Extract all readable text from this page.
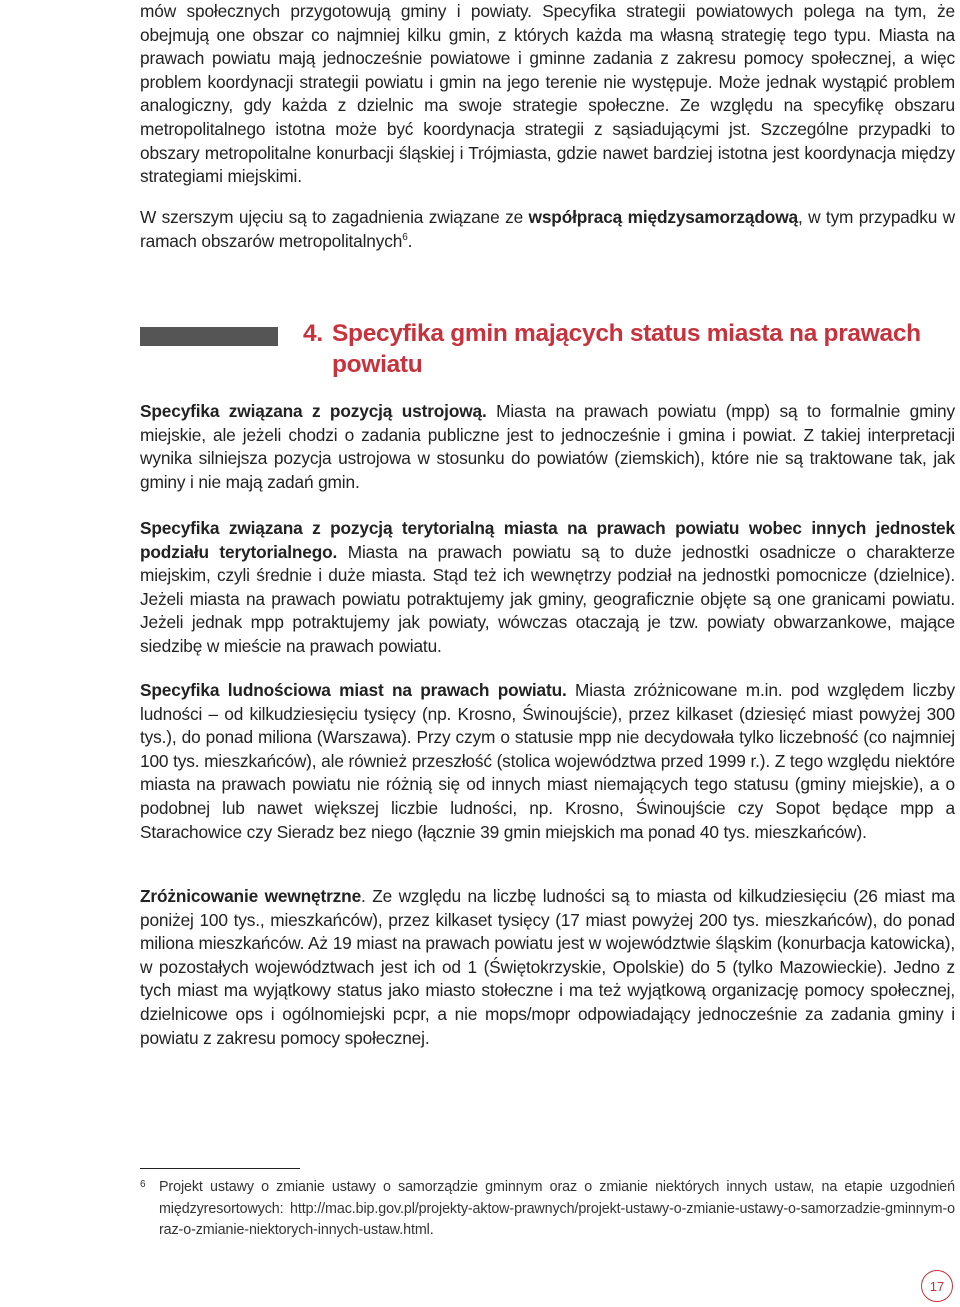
mów społecznych przygotowują gminy i powiaty. Specyfika strategii powiatowych polega na tym, że obejmują one obszar co najmniej kilku gmin, z których każda ma własną strategię tego typu. Miasta na prawach powiatu mają jednocześnie powiatowe i gminne zadania z zakresu pomocy społecznej, a więc problem koordynacji strategii powiatu i gmin na jego terenie nie występuje. Może jednak wystąpić problem analogiczny, gdy każda z dzielnic ma swoje strategie społeczne. Ze względu na specyfikę obszaru metropolitalnego istotna może być koordynacja strategii z sąsiadującymi jst. Szczególne przypadki to obszary metropolitalne konurbacji śląskiej i Trójmiasta, gdzie nawet bardziej istotna jest koordynacja między strategiami miejskimi.

W szerszym ujęciu są to zagadnienia związane ze współpracą międzysamorządową, w tym przypadku w ramach obszarów metropolitalnych$^6$.

4. Specyfika gmin mających status miasta na prawach
powiatu

Specyfika związana z pozycją ustrojową. Miasta na prawach powiatu (mpp) są to formalnie gminy miejskie, ale jeżeli chodzi o zadania publiczne jest to jednocześnie i gmina i powiat. Z takiej interpretacji wynika silniejsza pozycja ustrojowa w stosunku do powiatów (ziemskich), które nie są traktowane tak, jak gminy i nie mają zadań gmin.

Specyfika związana z pozycją terytorialną miasta na prawach powiatu wobec innych jednostek podziału terytorialnego. Miasta na prawach powiatu są to duże jednostki osadnicze o charakterze miejskim, czyli średnie i duże miasta. Stąd też ich wewnętrzy podział na jednostki pomocnicze (dzielnice). Jeżeli miasta na prawach powiatu potraktujemy jak gminy, geograficznie objęte są one granicami powiatu. Jeżeli jednak mpp potraktujemy jak powiaty, wówczas otaczają je tzw. powiaty obwarzankowe, mające siedzibę w mieście na prawach powiatu.

Specyfika ludnościowa miast na prawach powiatu. Miasta zróżnicowane m.in. pod względem liczby ludności – od kilkudziesięciu tysięcy (np. Krosno, Świnoujście), przez kilkaset (dziesięć miast powyżej 300 tys.), do ponad miliona (Warszawa). Przy czym o statusie mpp nie decydowała tylko liczebność (co najmniej 100 tys. mieszkańców), ale również przeszłość (stolica województwa przed 1999 r.). Z tego względu niektóre miasta na prawach powiatu nie różnią się od innych miast niemających tego statusu (gminy miejskie), a o podobnej lub nawet większej liczbie ludności, np. Krosno, Świnoujście czy Sopot będące mpp a Starachowice czy Sieradz bez niego (łącznie 39 gmin miejskich ma ponad 40 tys. mieszkańców).

Zróżnicowanie wewnętrzne. Ze względu na liczbę ludności są to miasta od kilkudziesięciu (26 miast ma poniżej 100 tys., mieszkańców), przez kilkaset tysięcy (17 miast powyżej 200 tys. mieszkańców), do ponad miliona mieszkańców. Aż 19 miast na prawach powiatu jest w województwie śląskim (konurbacja katowicka), w pozostałych województwach jest ich od 1 (Świętokrzyskie, Opolskie) do 5 (tylko Mazowieckie). Jedno z tych miast ma wyjątkowy status jako miasto stołeczne i ma też wyjątkową organizację pomocy społecznej, dzielnicowe ops i ogólnomiejski pcpr, a nie mops/mopr odpowiadający jednocześnie za zadania gminy i powiatu z zakresu pomocy społecznej.

6 Projekt ustawy o zmianie ustawy o samorządzie gminnym oraz o zmianie niektórych innych ustaw, na etapie uzgodnień międzyresortowych: http://mac.bip.gov.pl/projekty-aktow-prawnych/projekt-ustawy-o-zmianie-ustawy-o-samorzadzie-gminnym-oraz-o-zmianie-niektorych-innych-ustaw.html.
17
